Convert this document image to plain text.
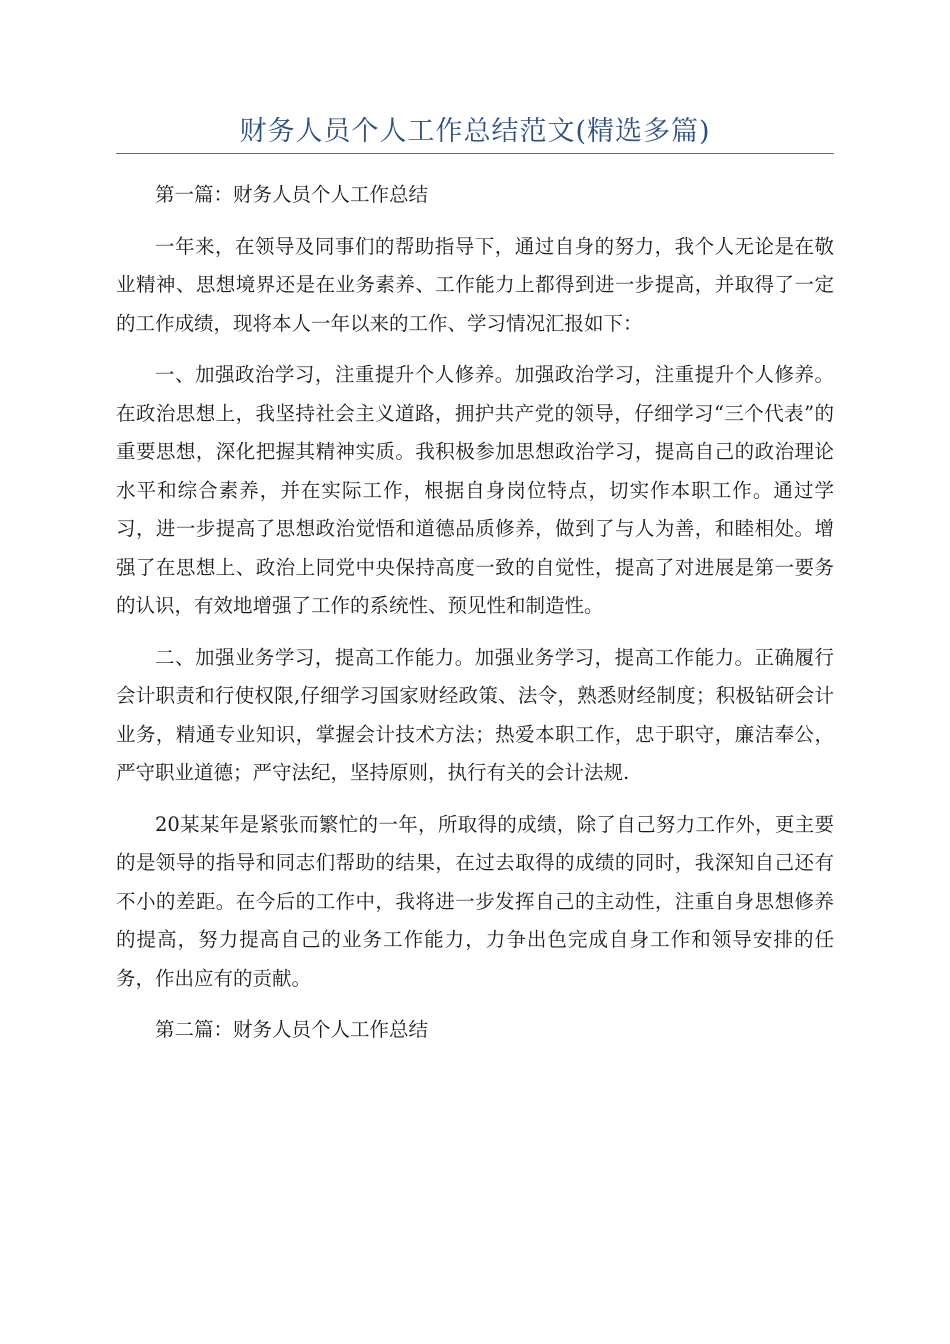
财务人员个人工作总结范文(精选多篇)

第一篇：财务人员个人工作总结

一年来，在领导及同事们的帮助指导下，通过自身的努力，我个人无论是在敬业精神、思想境界还是在业务素养、工作能力上都得到进一步提高，并取得了一定的工作成绩，现将本人一年以来的工作、学习情况汇报如下：

一、加强政治学习，注重提升个人修养。加强政治学习，注重提升个人修养。在政治思想上，我坚持社会主义道路，拥护共产党的领导，仔细学习“三个代表”的重要思想，深化把握其精神实质。我积极参加思想政治学习，提高自己的政治理论水平和综合素养，并在实际工作，根据自身岗位特点，切实作本职工作。通过学习，进一步提高了思想政治觉悟和道德品质修养，做到了与人为善，和睦相处。增强了在思想上、政治上同党中央保持高度一致的自觉性，提高了对进展是第一要务的认识，有效地增强了工作的系统性、预见性和制造性。

二、加强业务学习，提高工作能力。加强业务学习，提高工作能力。正确履行会计职责和行使权限,仔细学习国家财经政策、法令，熟悉财经制度；积极钻研会计业务，精通专业知识，掌握会计技术方法；热爱本职工作，忠于职守，廉洁奉公，严守职业道德；严守法纪，坚持原则，执行有关的会计法规.

20某某年是紧张而繁忙的一年，所取得的成绩，除了自己努力工作外，更主要的是领导的指导和同志们帮助的结果，在过去取得的成绩的同时，我深知自己还有不小的差距。在今后的工作中，我将进一步发挥自己的主动性，注重自身思想修养的提高，努力提高自己的业务工作能力，力争出色完成自身工作和领导安排的任务，作出应有的贡献。

第二篇：财务人员个人工作总结
